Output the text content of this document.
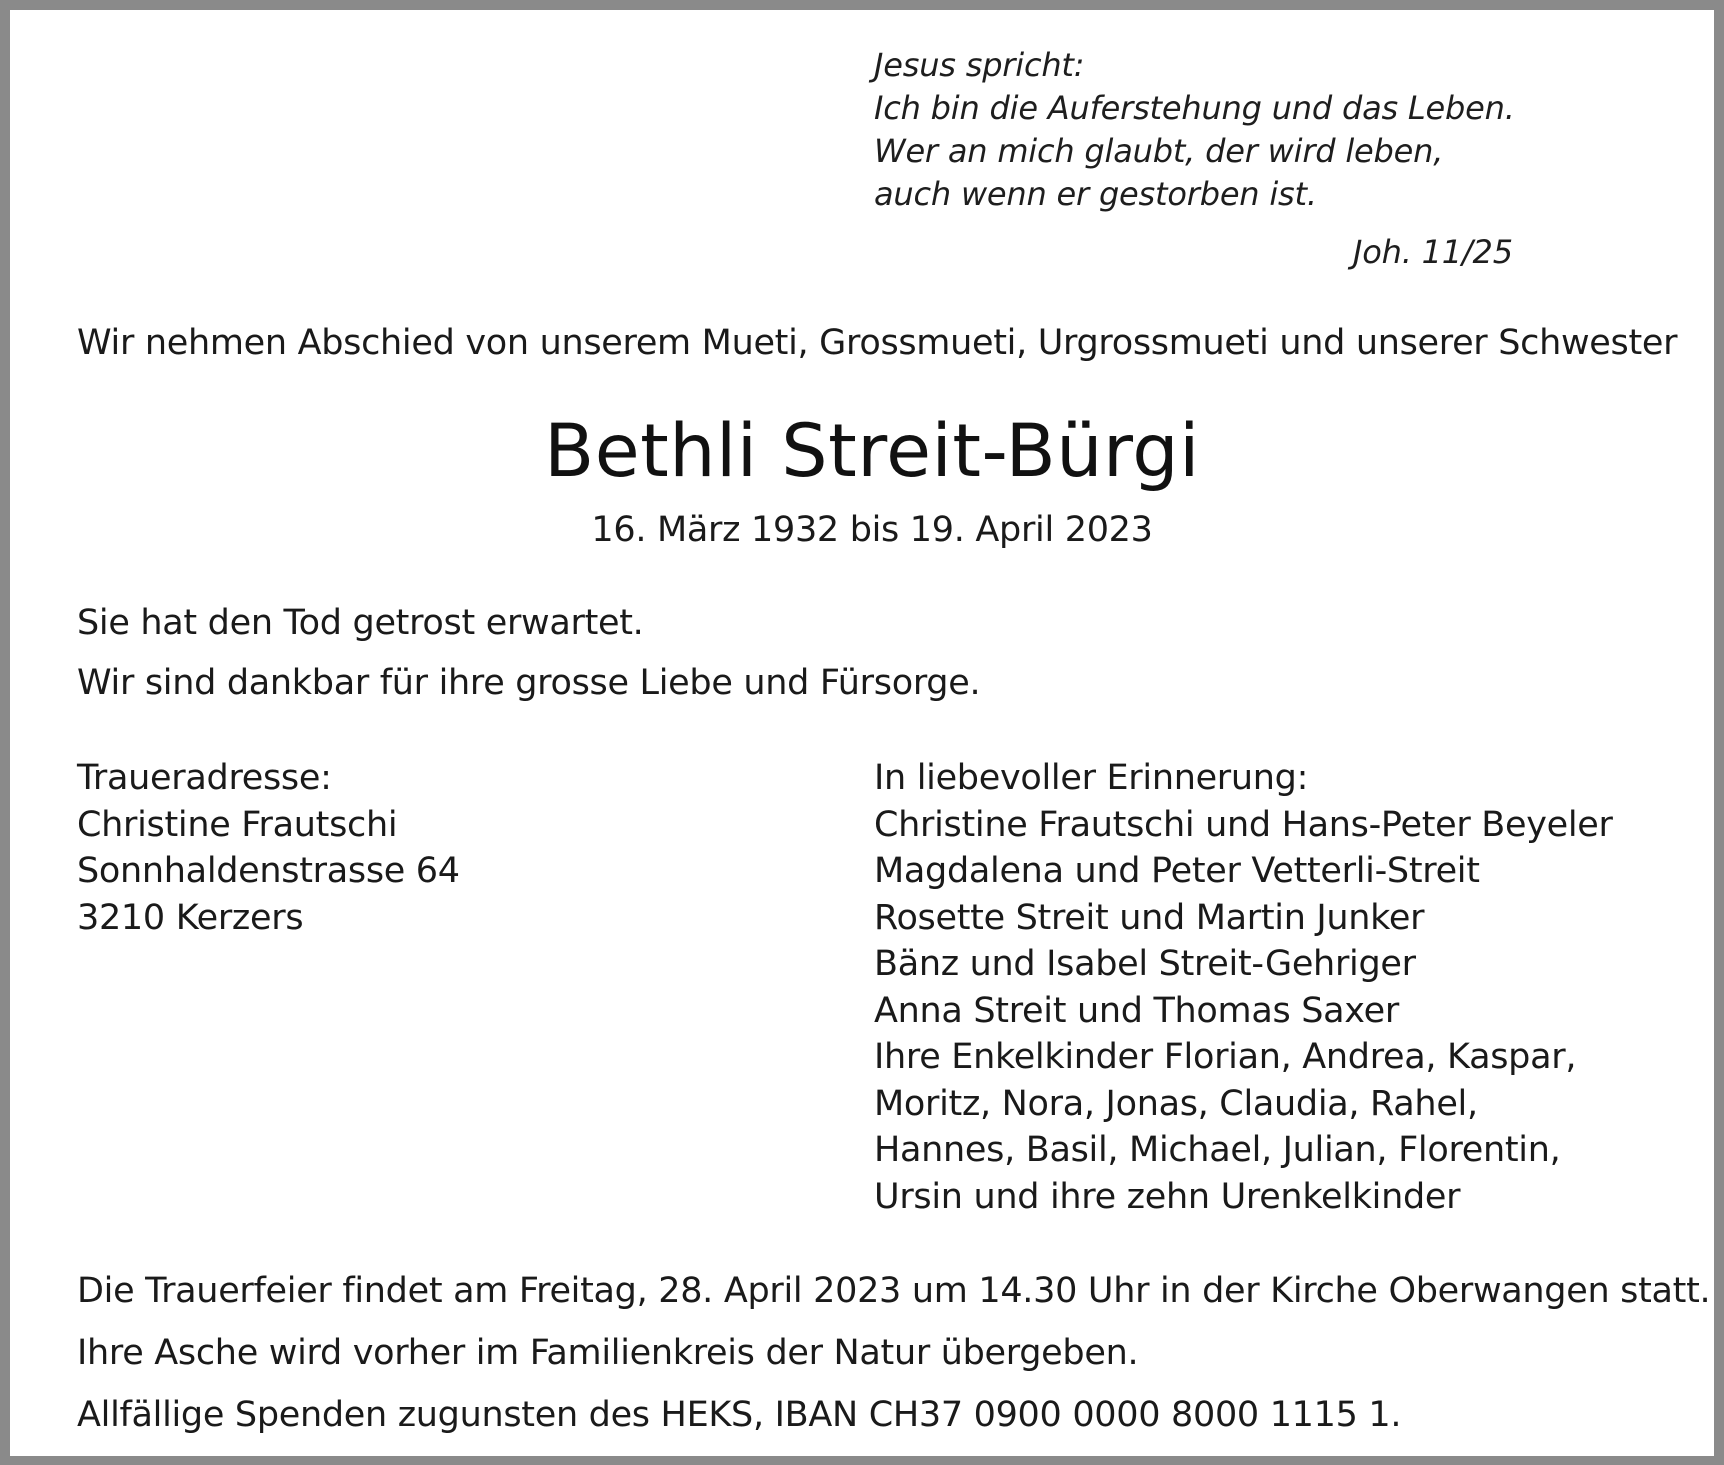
Jesus spricht:
Ich bin die Auferstehung und das Leben.
Wer an mich glaubt, der wird leben,
auch wenn er gestorben ist.
Joh. 11/25
Wir nehmen Abschied von unserem Mueti, Grossmueti, Urgrossmueti und unserer Schwester
Bethli Streit-Bürgi
16. März 1932 bis 19. April 2023
Sie hat den Tod getrost erwartet.
Wir sind dankbar für ihre grosse Liebe und Fürsorge.
Traueradresse:
Christine Frautschi
Sonnhaldenstrasse 64
3210 Kerzers
In liebevoller Erinnerung:
Christine Frautschi und Hans-Peter Beyeler
Magdalena und Peter Vetterli-Streit
Rosette Streit und Martin Junker
Bänz und Isabel Streit-Gehriger
Anna Streit und Thomas Saxer
Ihre Enkelkinder Florian, Andrea, Kaspar,
Moritz, Nora, Jonas, Claudia, Rahel,
Hannes, Basil, Michael, Julian, Florentin,
Ursin und ihre zehn Urenkelkinder
Die Trauerfeier findet am Freitag, 28. April 2023 um 14.30 Uhr in der Kirche Oberwangen statt.
Ihre Asche wird vorher im Familienkreis der Natur übergeben.
Allfällige Spenden zugunsten des HEKS, IBAN CH37 0900 0000 8000 1115 1.
